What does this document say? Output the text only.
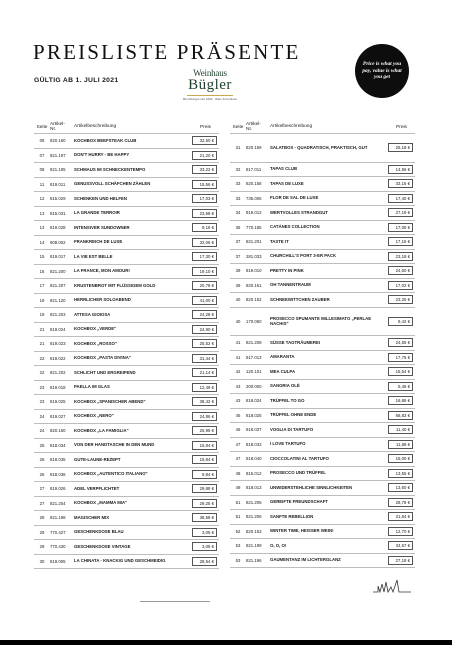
PREISLISTE PRÄSENTE
GÜLTIG AB 1. JULI 2021
Weinhaus
Bügler
Bio-Weingut seit 1992 · Wein & Feinkost
Price is what you pay, value is what you get
Seite Artikel-Nr.
Artikelbeschreibung	Preis
08	820.160	KOCHBOX BEEFSTEAK CLUB	32,50 €
07	821.197	DON'T HURRY - BE HAPPY	21,20 €
08	821.195	SCHMAUS IM SCHNECKENTEMPO	33,22 €
11	819.011	GENUSSVOLL SCHÄFCHEN ZÄHLEN	15,56 €
12	815.029	SCHENKEN UND HELFEN	17,03 €
13	815.031	LA GRANDE TERROIR	23,58 €
13	819.028	INTENSIVER SUNDOWNER	9,16 €
14	808.002	FRANKREICH DE LUXE	32,06 €
15	819.017	LA VIE EST BELLE	17,30 €
16	821.200	LA FRANCE, MON AMOUR!	19,10 €
17	821.207	KRUSTENBROT MIT FLÜSSIGEM GOLD	20,78 €
19	821.120	HERRLICHER SOLOABEND	41,00 €
19	821.203	ATTESA GIOIOSA	24,28 €
21	819.024	KOCHBOX „VERDE"	24,90 €
21	819.023	KOCHBOX „ROSSO"	25,52 €
22	819.022	KOCHBOX „PASTA DIVINA"	31,44 €
22	821.202	SCHLICHT UND ERGREIFEND	21,14 €
23	819.018	PAELLA IM GLAS	12,49 €
23	819.025	KOCHBOX „SPANISCHER ABEND"	38,42 €
24	819.027	KOCHBOX „NERO"	24,86 €
24	820.160	KOCHBOX „LA FAMIGLIA"	26,95 €
25	818.034	VON DER HANDTASCHE IN DEN MUND	15,84 €
26	818.035	GUTE-LAUNE-REZEPT	15,84 €
26	818.036	KOCHBOX „AUTENTICO ITALIANO"	9,84 €
27	819.026	ADEL VERPFLICHTET	29,88 €
27	821.204	KOCHBOX „MAMMA MIA"	29,25 €
28	821.198	MAGISCHER MIX	38,58 €
29	770.427	GESCHENKDOSE BLAU	3,05 €
29	770.430	GESCHENKDOSE VINTAGE	3,05 €
30	819.005	LA CHINATA - KNACKIG UND GESCHMEIDIG	28,64 €
Seite Artikel-Nr.
Artikelbeschreibung	Preis
31	820.159	SALATBOX - QUADRATISCH, PRAKTISCH, GUT	25,18 €
32	817.011	TAPAS CLUB	14,56 €
33	820.158	TAPAS DE LUXE	33,16 €
33	735.006	FLOR DE SAL DE LUXE	17,40 €
34	819.012	WERTVOLLES STRANDGUT	27,19 €
35	770.185	CATÁNES COLLECTION	17,05 €
37	821.201	TASTE IT	17,16 €
37	281.033	CHURCHILL'S PORT 3-ER PACK	23,18 €
39	819.010	PRETTY IN PINK	24,50 €
39	820.161	OH TANNENTRAUM	17,02 €
40	820.152	SCHNEEWITTCHEN ZAUBER	23,25 €
40	170.050
PROSECCO SPUMANTE MILLESIMATO „PERLAE NACHIS"	9,42 €
41	821.208	SÜSSE TAGTRÄUMEREI	24,55 €
41	817.013	AMARANTA	17,75 €
42	120.101	MEA CULPA	15,54 €
43	200.000	SANGRIA OLÉ	5,46 €
43	818.024	TRÜFFEL TO GO	16,86 €
45	818.025	TRÜFFEL OHNE ENDE	68,83 €
46	818.037	VOGLIA DI TARTUFO	11,40 €
47	818.033	I LOVE TARTUFO	11,88 €
47	818.040	CIOCCOLATINI AL TARTUFO	15,00 €
48	815.012	PROSECCO UND TRÜFFEL	13,55 €
49	818.013	UNWIDERSTEHLICHE SINNLICHKEITEN	13,50 €
51	821.205	GEREIFTE FREUNDSCHAFT	28,78 €
51	821.206	SANFTE REBELLION	31,84 €
52	820.163	WINTER TIME, HEISSER WEIN!	12,70 €
53	821.199	O, O, O!	34,57 €
53	821.196	GAUMENTANZ IM LICHTERGLANZ	27,18 €
